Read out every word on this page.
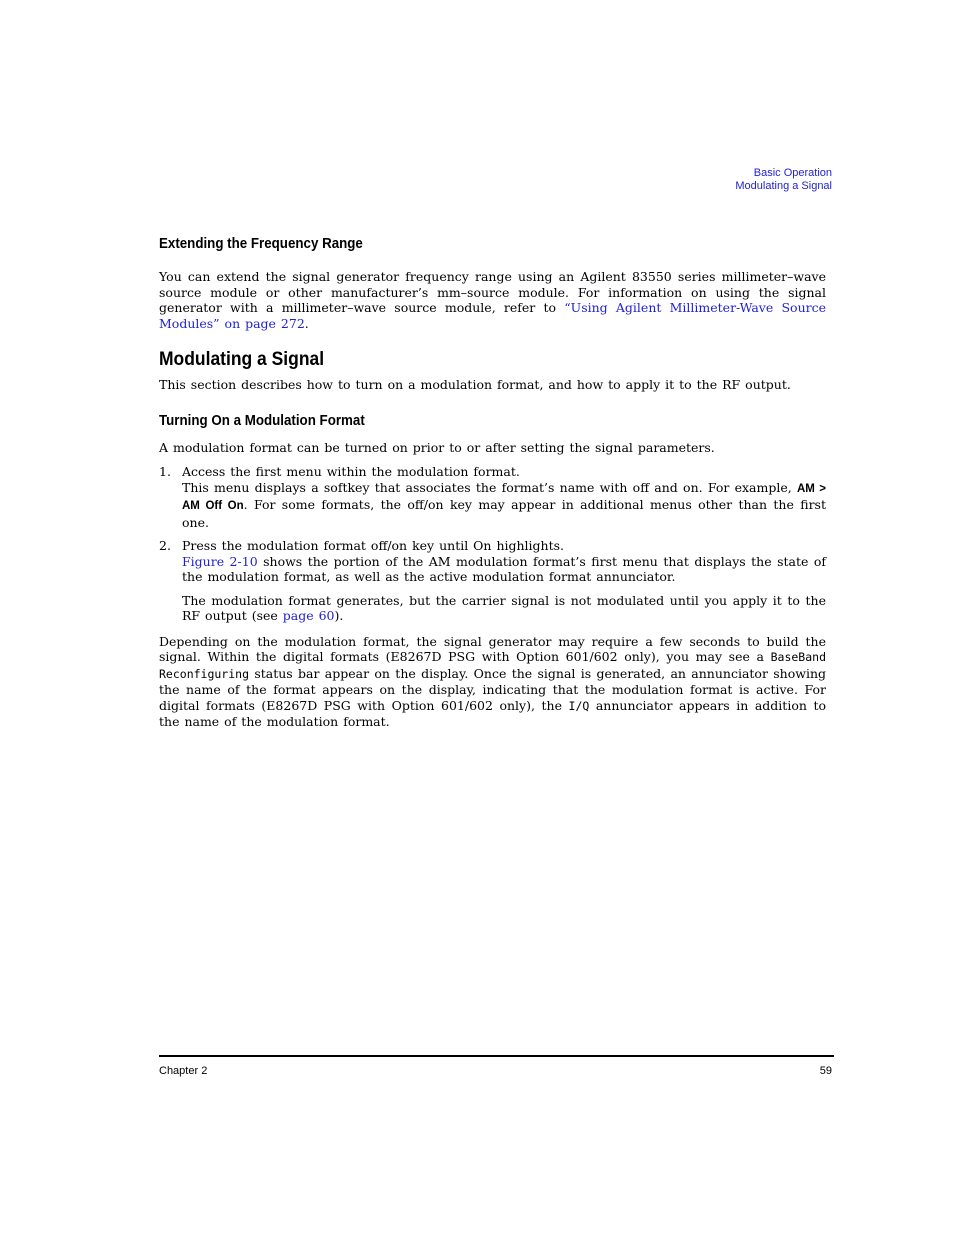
Basic Operation
Modulating a Signal
Extending the Frequency Range

You can extend the signal generator frequency range using an Agilent 83550 series millimeter–wave source module or other manufacturer’s mm–source module. For information on using the signal generator with a millimeter–wave source module, refer to “Using Agilent Millimeter-Wave Source Modules” on page 272.

Modulating a Signal

This section describes how to turn on a modulation format, and how to apply it to the RF output.

Turning On a Modulation Format

A modulation format can be turned on prior to or after setting the signal parameters.

1. Access the first menu within the modulation format.

This menu displays a softkey that associates the format’s name with off and on. For example, AM > AM Off On. For some formats, the off/on key may appear in additional menus other than the first one.

2. Press the modulation format off/on key until On highlights.

Figure 2-10 shows the portion of the AM modulation format’s first menu that displays the state of the modulation format, as well as the active modulation format annunciator.

The modulation format generates, but the carrier signal is not modulated until you apply it to the RF output (see page 60).

Depending on the modulation format, the signal generator may require a few seconds to build the signal. Within the digital formats (E8267D PSG with Option 601/602 only), you may see a BaseBand Reconfiguring status bar appear on the display. Once the signal is generated, an annunciator showing the name of the format appears on the display, indicating that the modulation format is active. For digital formats (E8267D PSG with Option 601/602 only), the I/Q annunciator appears in addition to the name of the modulation format.

Chapter 2	59
